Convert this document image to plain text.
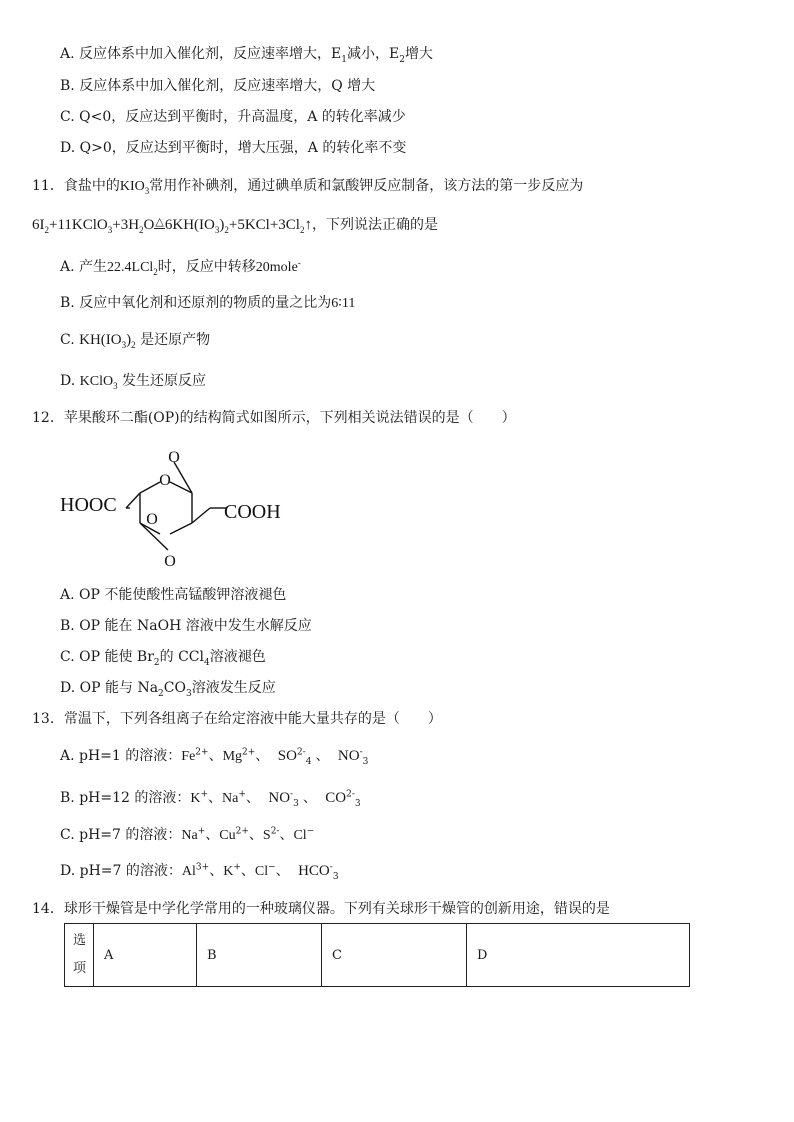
A. 反应体系中加入催化剂，反应速率增大，$E_1$减小，$E_2$增大
B. 反应体系中加入催化剂，反应速率增大，Q 增大
C. Q<0，反应达到平衡时，升高温度，A 的转化率减少
D. Q>0，反应达到平衡时，增大压强，A 的转化率不变
11．食盐中的$KIO_3$常用作补碘剂，通过碘单质和氯酸钾反应制备，该方法的第一步反应为
$6I_2+11KClO_3+3H_2O\triangle 6KH(IO_3)_2+5KCl+3Cl_2↑$，下列说法正确的是
A. 产生22.4LCl$_2$时，反应中转移20mole-
B. 反应中氧化剂和还原剂的物质的量之比为6∶11
C. $KH(IO_3)_2$ 是还原产物
D. KClO$_3$ 发生还原反应
12．苹果酸环二酯(OP)的结构简式如图所示，下列相关说法错误的是（　　）
O
O
O
O
HOOC	COOH
A. OP 不能使酸性高锰酸钾溶液褪色
B. OP 能在 NaOH 溶液中发生水解反应
C. OP 能使 $Br_2$的 CCl$_4$溶液褪色
D. OP 能与 $Na_2CO_3$溶液发生反应
13．常温下，下列各组离子在给定溶液中能大量共存的是（　　）
A. pH=1 的溶液：$Fe^{2+}$、$Mg^{2+}$、 $SO^{2-}_4$ 、 $NO^-_3$
B. pH=12 的溶液：K+、Na+、 $NO^-_3$ 、 $CO^{2-}_3$
C. pH=7 的溶液：Na+、$Cu^{2+}$、$S^{2-}$、Cl−
D. pH=7 的溶液：$Al^{3+}$、K+、Cl−、 $HCO^-_3$
14．球形干燥管是中学化学常用的一种玻璃仪器。下列有关球形干燥管的创新用途，错误的是
选
项
	A	B	C	D
